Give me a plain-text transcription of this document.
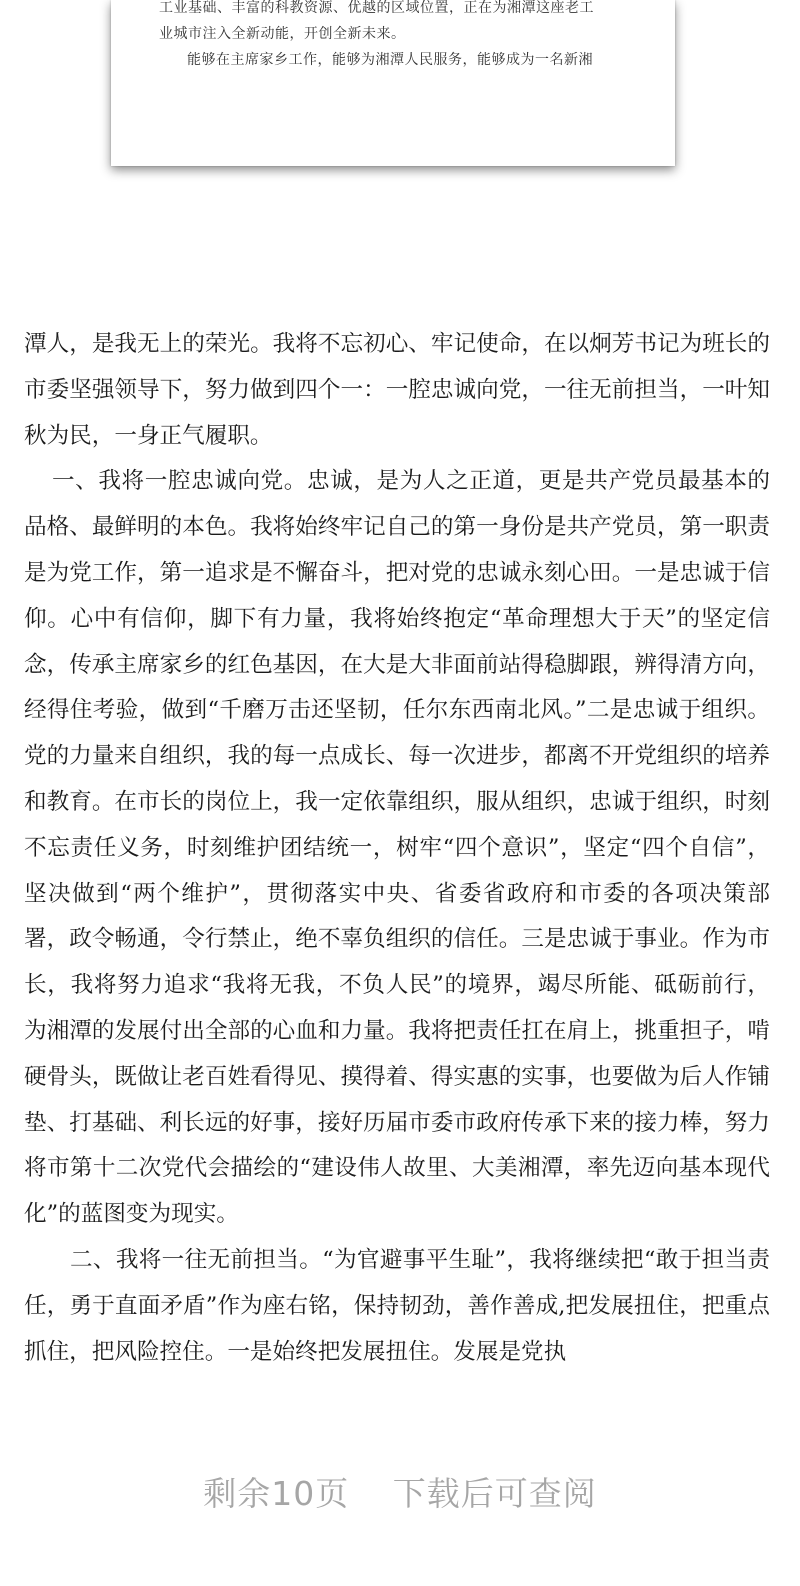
工业基础、丰富的科教资源、优越的区域位置，正在为湘潭这座老工

业城市注入全新动能，开创全新未来。

能够在主席家乡工作，能够为湘潭人民服务，能够成为一名新湘

潭人，是我无上的荣光。我将不忘初心、牢记使命，在以炯芳书记为班长的市委坚强领导下，努力做到四个一：一腔忠诚向党，一往无前担当，一叶知秋为民，一身正气履职。

一、我将一腔忠诚向党。忠诚，是为人之正道，更是共产党员最基本的品格、最鲜明的本色。我将始终牢记自己的第一身份是共产党员，第一职责是为党工作，第一追求是不懈奋斗，把对党的忠诚永刻心田。一是忠诚于信仰。心中有信仰，脚下有力量，我将始终抱定“革命理想大于天”的坚定信念，传承主席家乡的红色基因，在大是大非面前站得稳脚跟，辨得清方向，经得住考验，做到“千磨万击还坚韧，任尔东西南北风。”二是忠诚于组织。党的力量来自组织，我的每一点成长、每一次进步，都离不开党组织的培养和教育。在市长的岗位上，我一定依靠组织，服从组织，忠诚于组织，时刻不忘责任义务，时刻维护团结统一，树牢“四个意识”，坚定“四个自信”，坚决做到“两个维护”，贯彻落实中央、省委省政府和市委的各项决策部署，政令畅通，令行禁止，绝不辜负组织的信任。三是忠诚于事业。作为市长，我将努力追求“我将无我，不负人民”的境界，竭尽所能、砥砺前行，为湘潭的发展付出全部的心血和力量。我将把责任扛在肩上，挑重担子，啃硬骨头，既做让老百姓看得见、摸得着、得实惠的实事，也要做为后人作铺垫、打基础、利长远的好事，接好历届市委市政府传承下来的接力棒，努力将市第十二次党代会描绘的“建设伟人故里、大美湘潭，率先迈向基本现代化”的蓝图变为现实。

二、我将一往无前担当。“为官避事平生耻”，我将继续把“敢于担当责任，勇于直面矛盾”作为座右铭，保持韧劲，善作善成,把发展扭住，把重点抓住，把风险控住。一是始终把发展扭住。发展是党执

剩余10页 下载后可查阅
